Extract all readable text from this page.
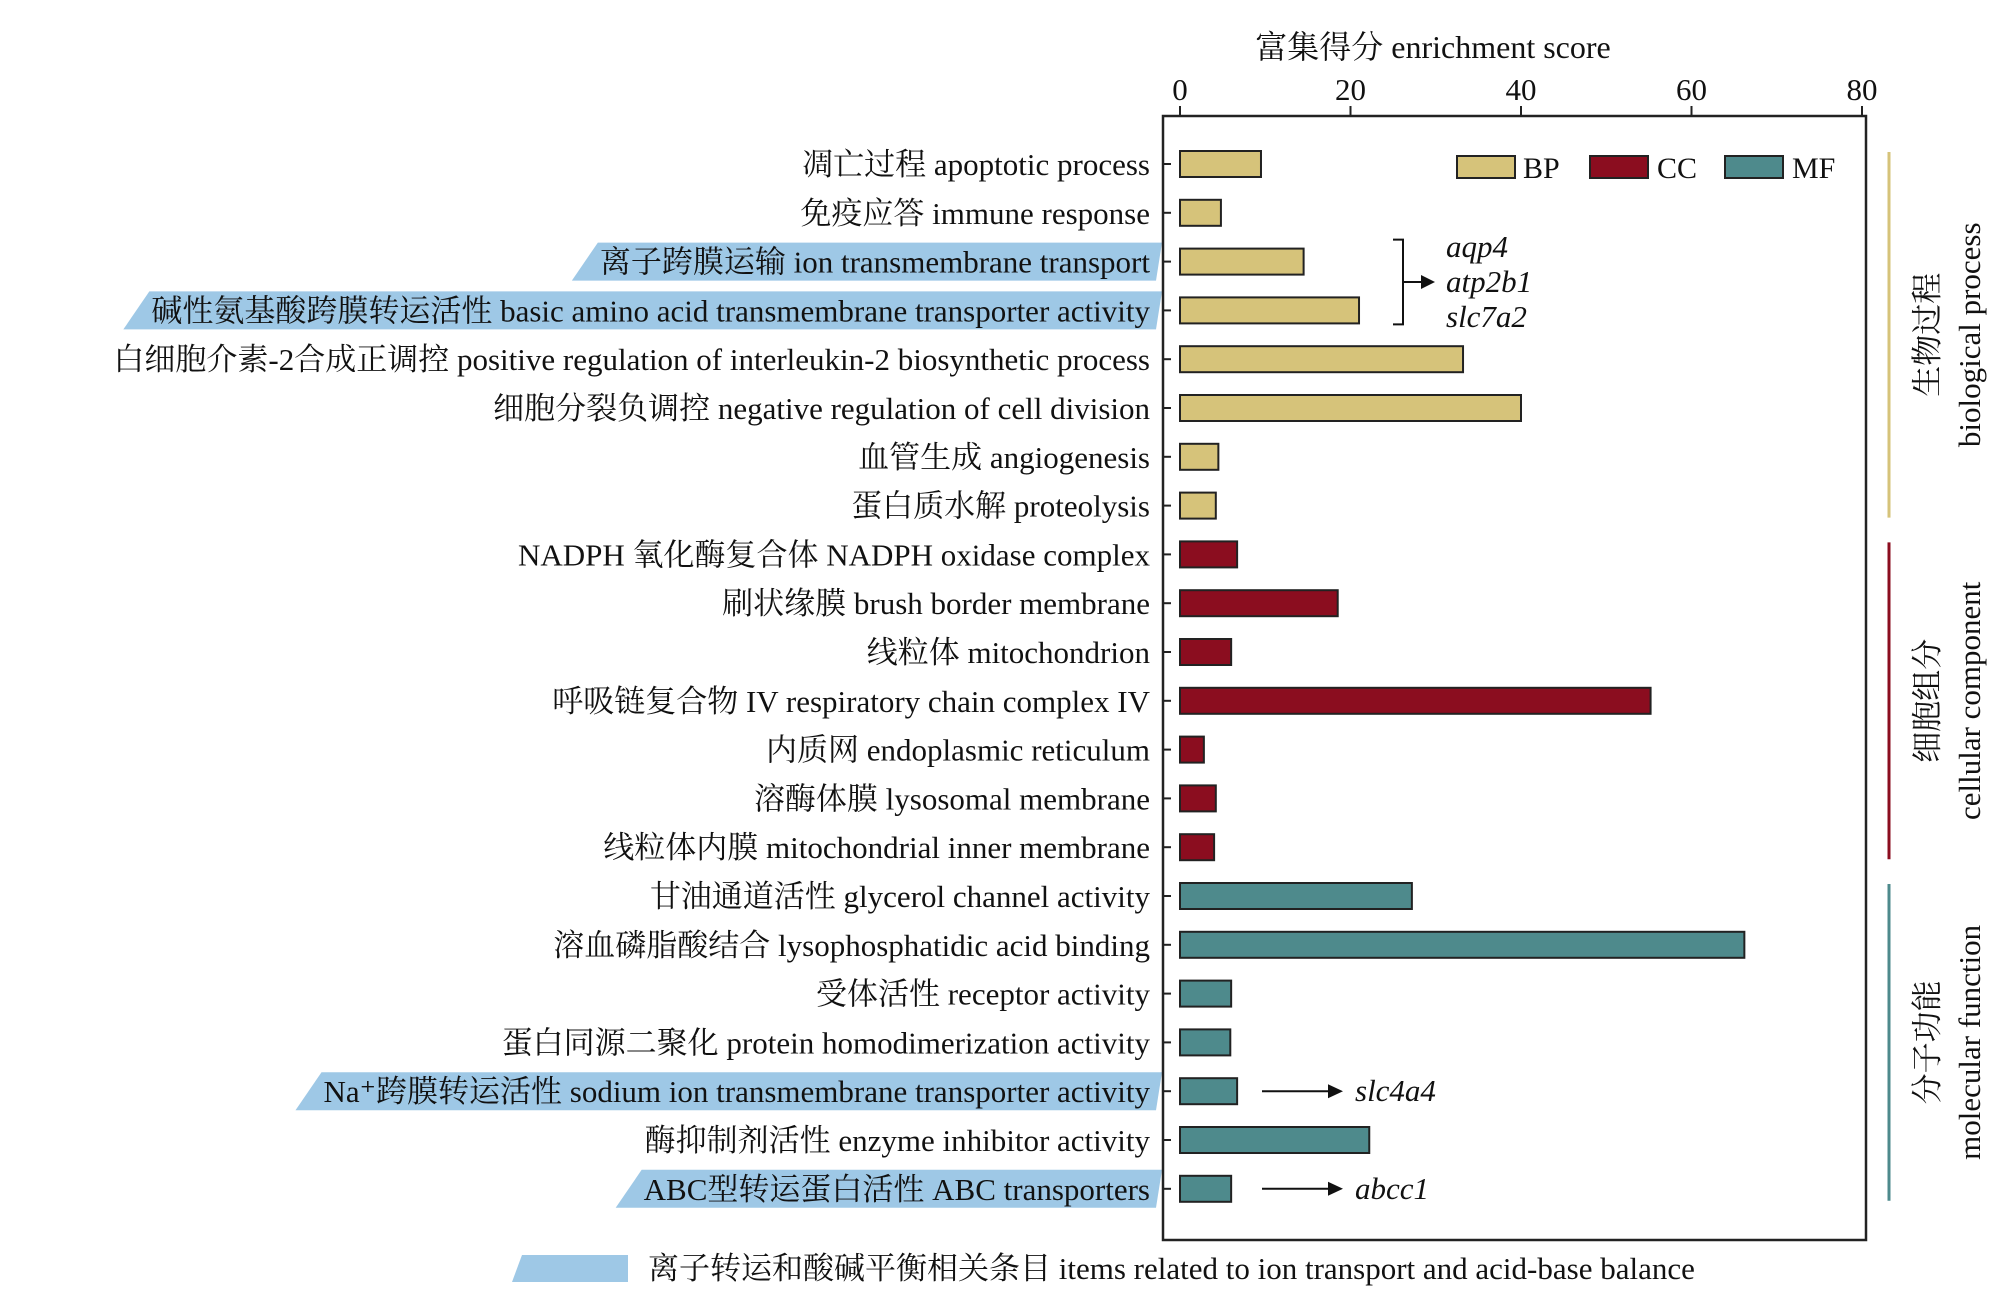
富集得分 enrichment score
0	20	40	60	80
凋亡过程 apoptotic process
免疫应答 immune response
离子跨膜运输 ion transmembrane transport
碱性氨基酸跨膜转运活性 basic amino acid transmembrane transporter activity
白细胞介素-2合成正调控 positive regulation of interleukin-2 biosynthetic process
细胞分裂负调控 negative regulation of cell division
血管生成 angiogenesis
蛋白质水解 proteolysis
NADPH 氧化酶复合体 NADPH oxidase complex
刷状缘膜 brush border membrane
线粒体 mitochondrion
呼吸链复合物 IV respiratory chain complex IV
内质网 endoplasmic reticulum
溶酶体膜 lysosomal membrane
线粒体内膜 mitochondrial inner membrane
甘油通道活性 glycerol channel activity
溶血磷脂酸结合 lysophosphatidic acid binding
受体活性 receptor activity
蛋白同源二聚化 protein homodimerization activity
Na⁺跨膜转运活性 sodium ion transmembrane transporter activity
酶抑制剂活性 enzyme inhibitor activity
ABC型转运蛋白活性 ABC transporters
BP	CC	MF
aqp4
atp2b1
slc7a2
slc4a4
abcc1
生物过程 biological process
细胞组分 cellular component
分子功能 molecular function
离子转运和酸碱平衡相关条目 items related to ion transport and acid-base balance
